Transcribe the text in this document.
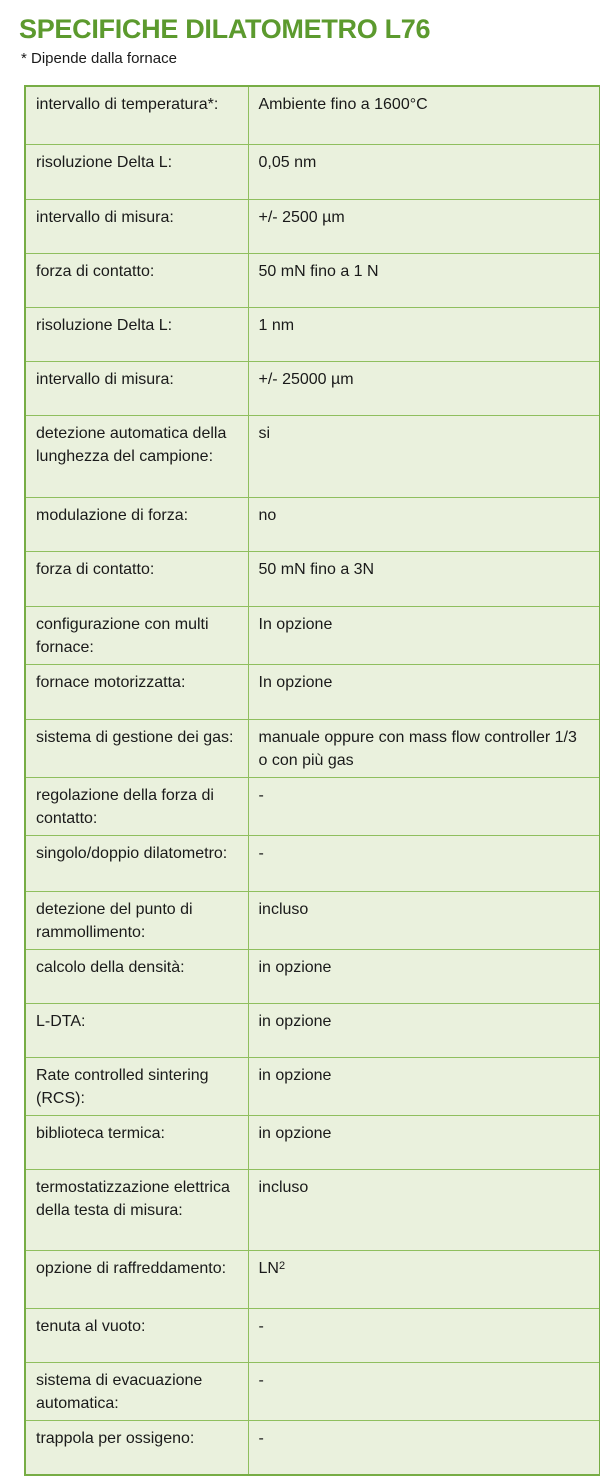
SPECIFICHE DILATOMETRO L76
* Dipende dalla fornace
intervallo di temperatura*:	Ambiente fino a 1600°C
risoluzione Delta L:	0,05 nm
intervallo di misura:	+/- 2500 µm
forza di contatto:	50 mN fino a 1 N
risoluzione Delta L:	1 nm
intervallo di misura:	+/- 25000 µm
detezione automatica della lunghezza del campione:	si
modulazione di forza:	no
forza di contatto:	50 mN fino a 3N
configurazione con multi fornace:	In opzione
fornace motorizzatta:	In opzione
sistema di gestione dei gas:	manuale oppure con mass flow controller 1/3 o con più gas
regolazione della forza di contatto:	-
singolo/doppio dilatometro:	-
detezione del punto di rammollimento:	incluso
calcolo della densità:	in opzione
L-DTA:	in opzione
Rate controlled sintering (RCS):	in opzione
biblioteca termica:	in opzione
termostatizzazione elettrica della testa di misura:	incluso
opzione di raffreddamento:	$LN_2$
tenuta al vuoto:	-
sistema di evacuazione automatica:	-
trappola per ossigeno:	-
